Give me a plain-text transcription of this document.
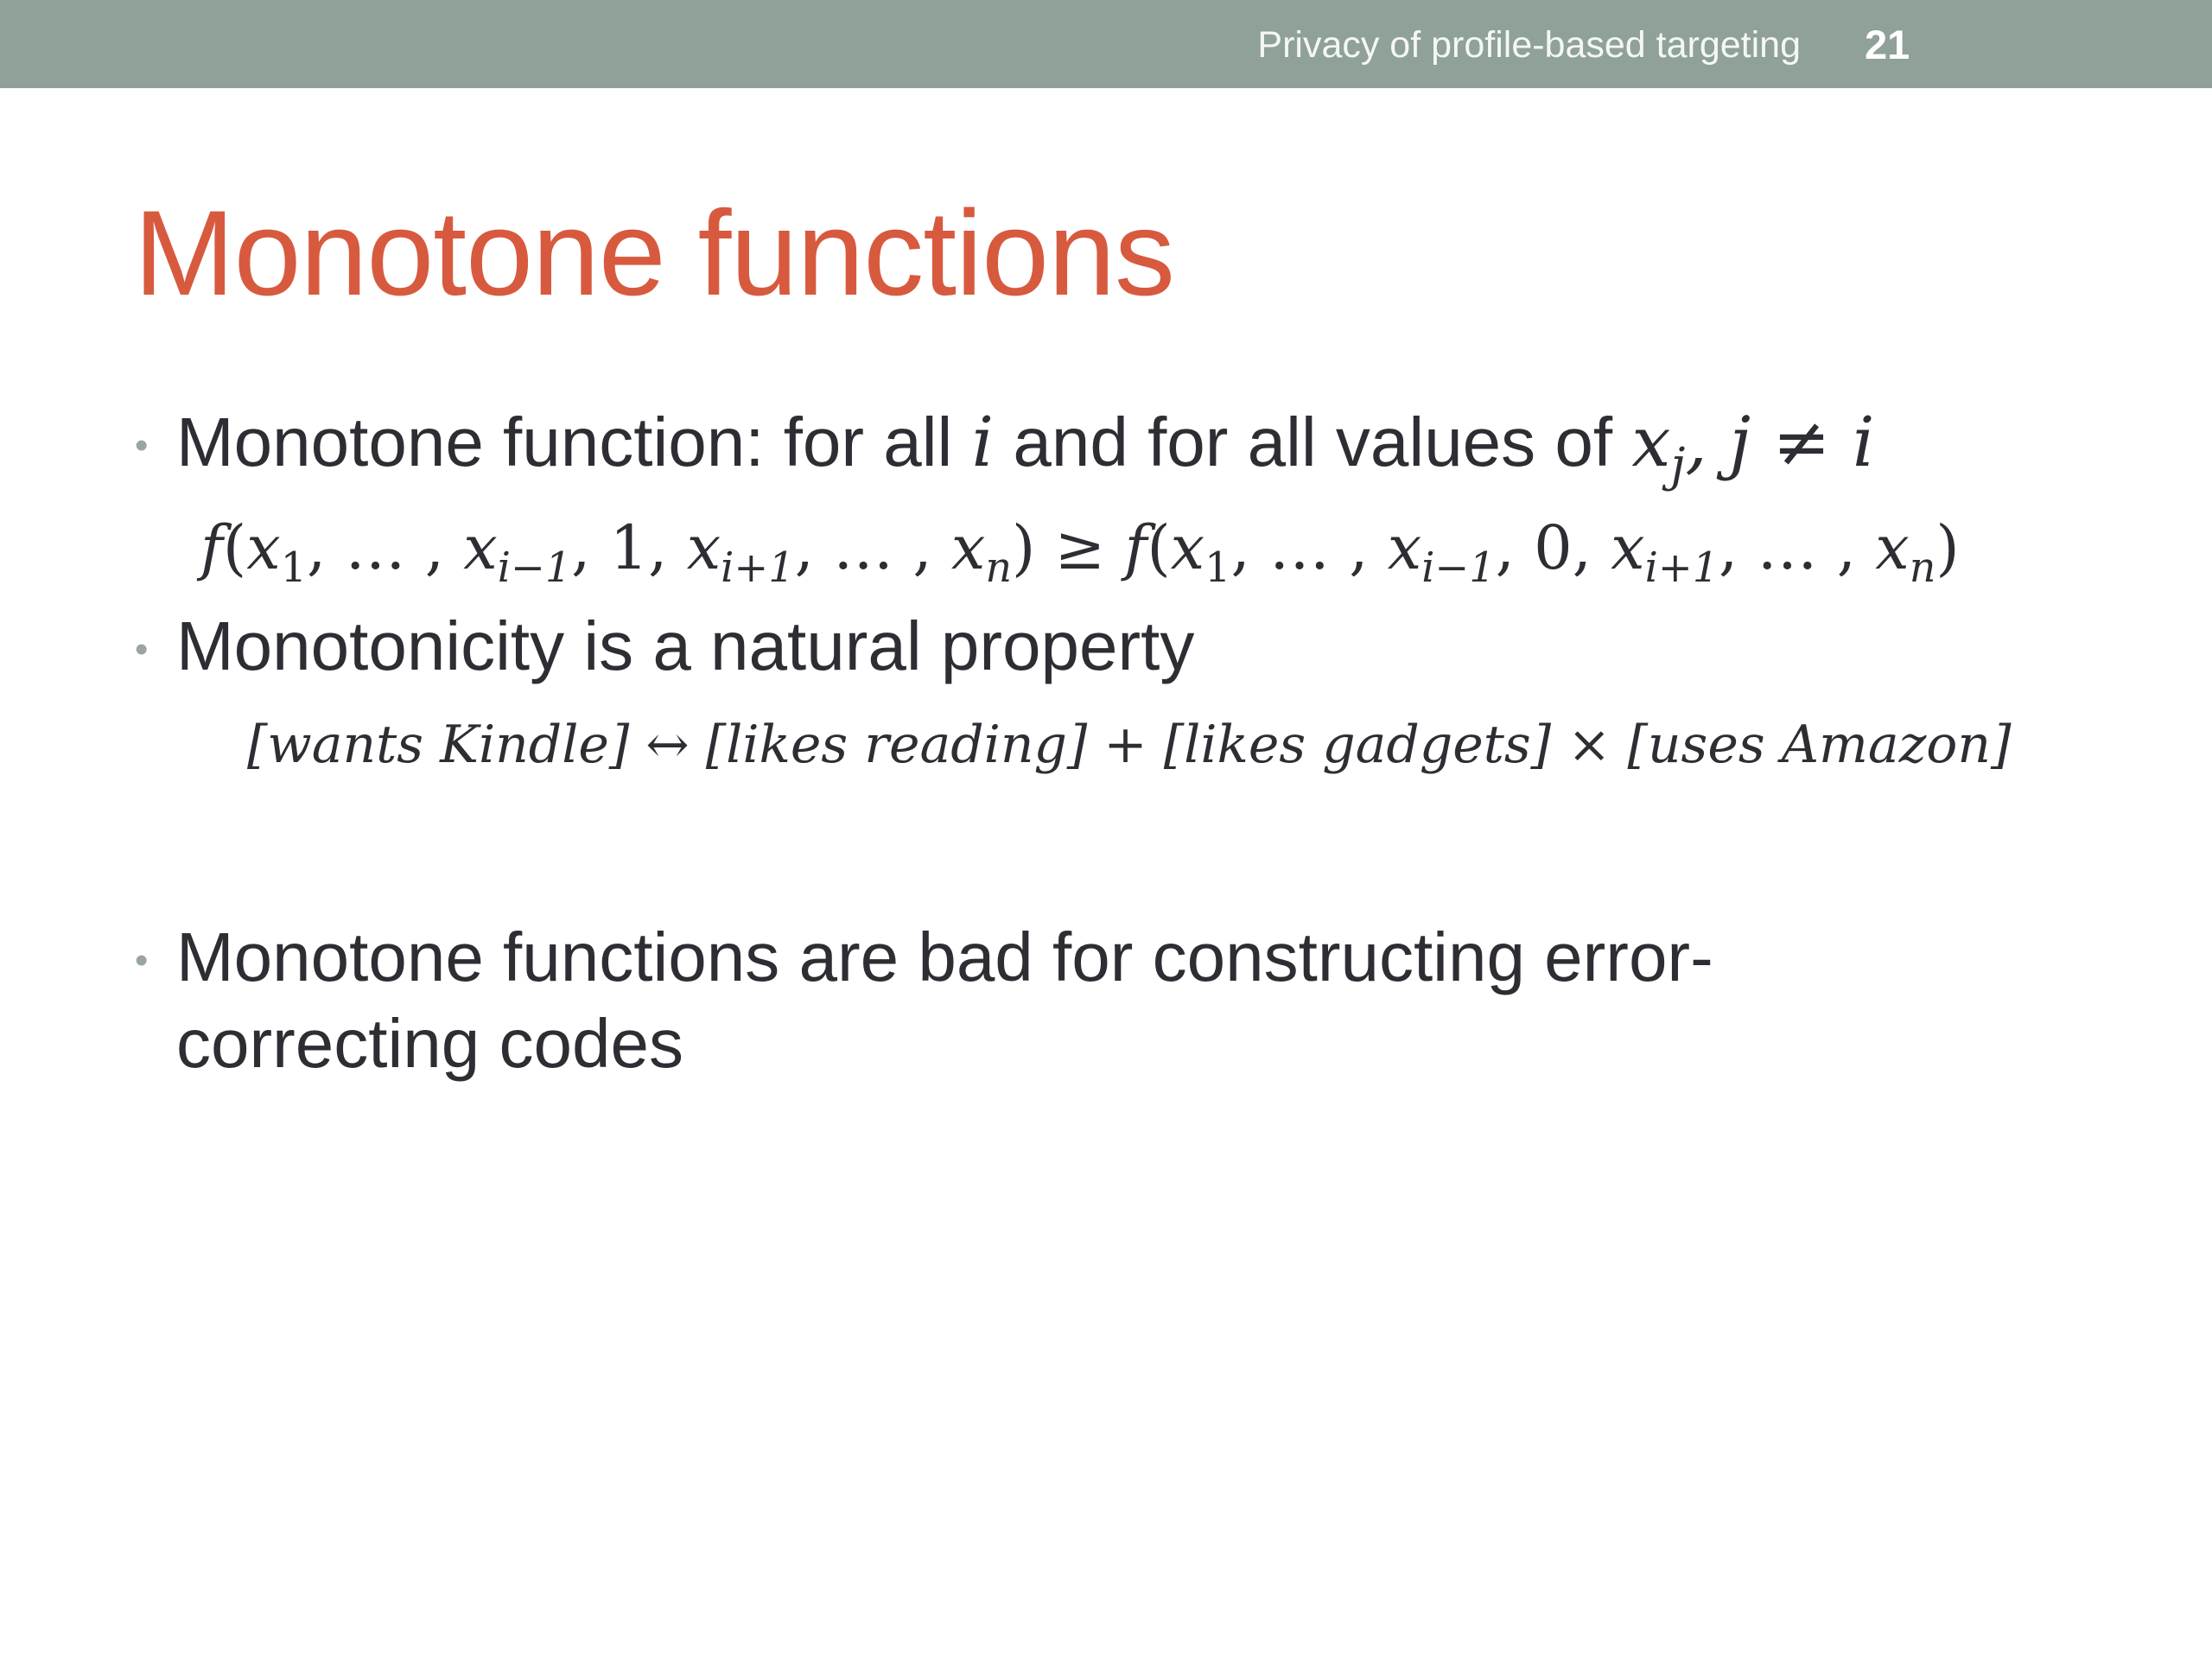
Privacy of profile-based targeting 21
Monotone functions
• Monotone function: for all i and for all values of $x_j$, j ≠ i
$f(x_1$, … , $x_{i-1}$, 1, $x_{i+1}$, … , $x_n) \ge f(x_1$, … , $x_{i-1}$, 0, $x_{i+1}$, … , $x_n$)
• Monotonicity is a natural property
[wants Kindle] ↔ [likes reading] + [likes gadgets] × [uses Amazon]
• Monotone functions are bad for constructing error-
correcting codes
